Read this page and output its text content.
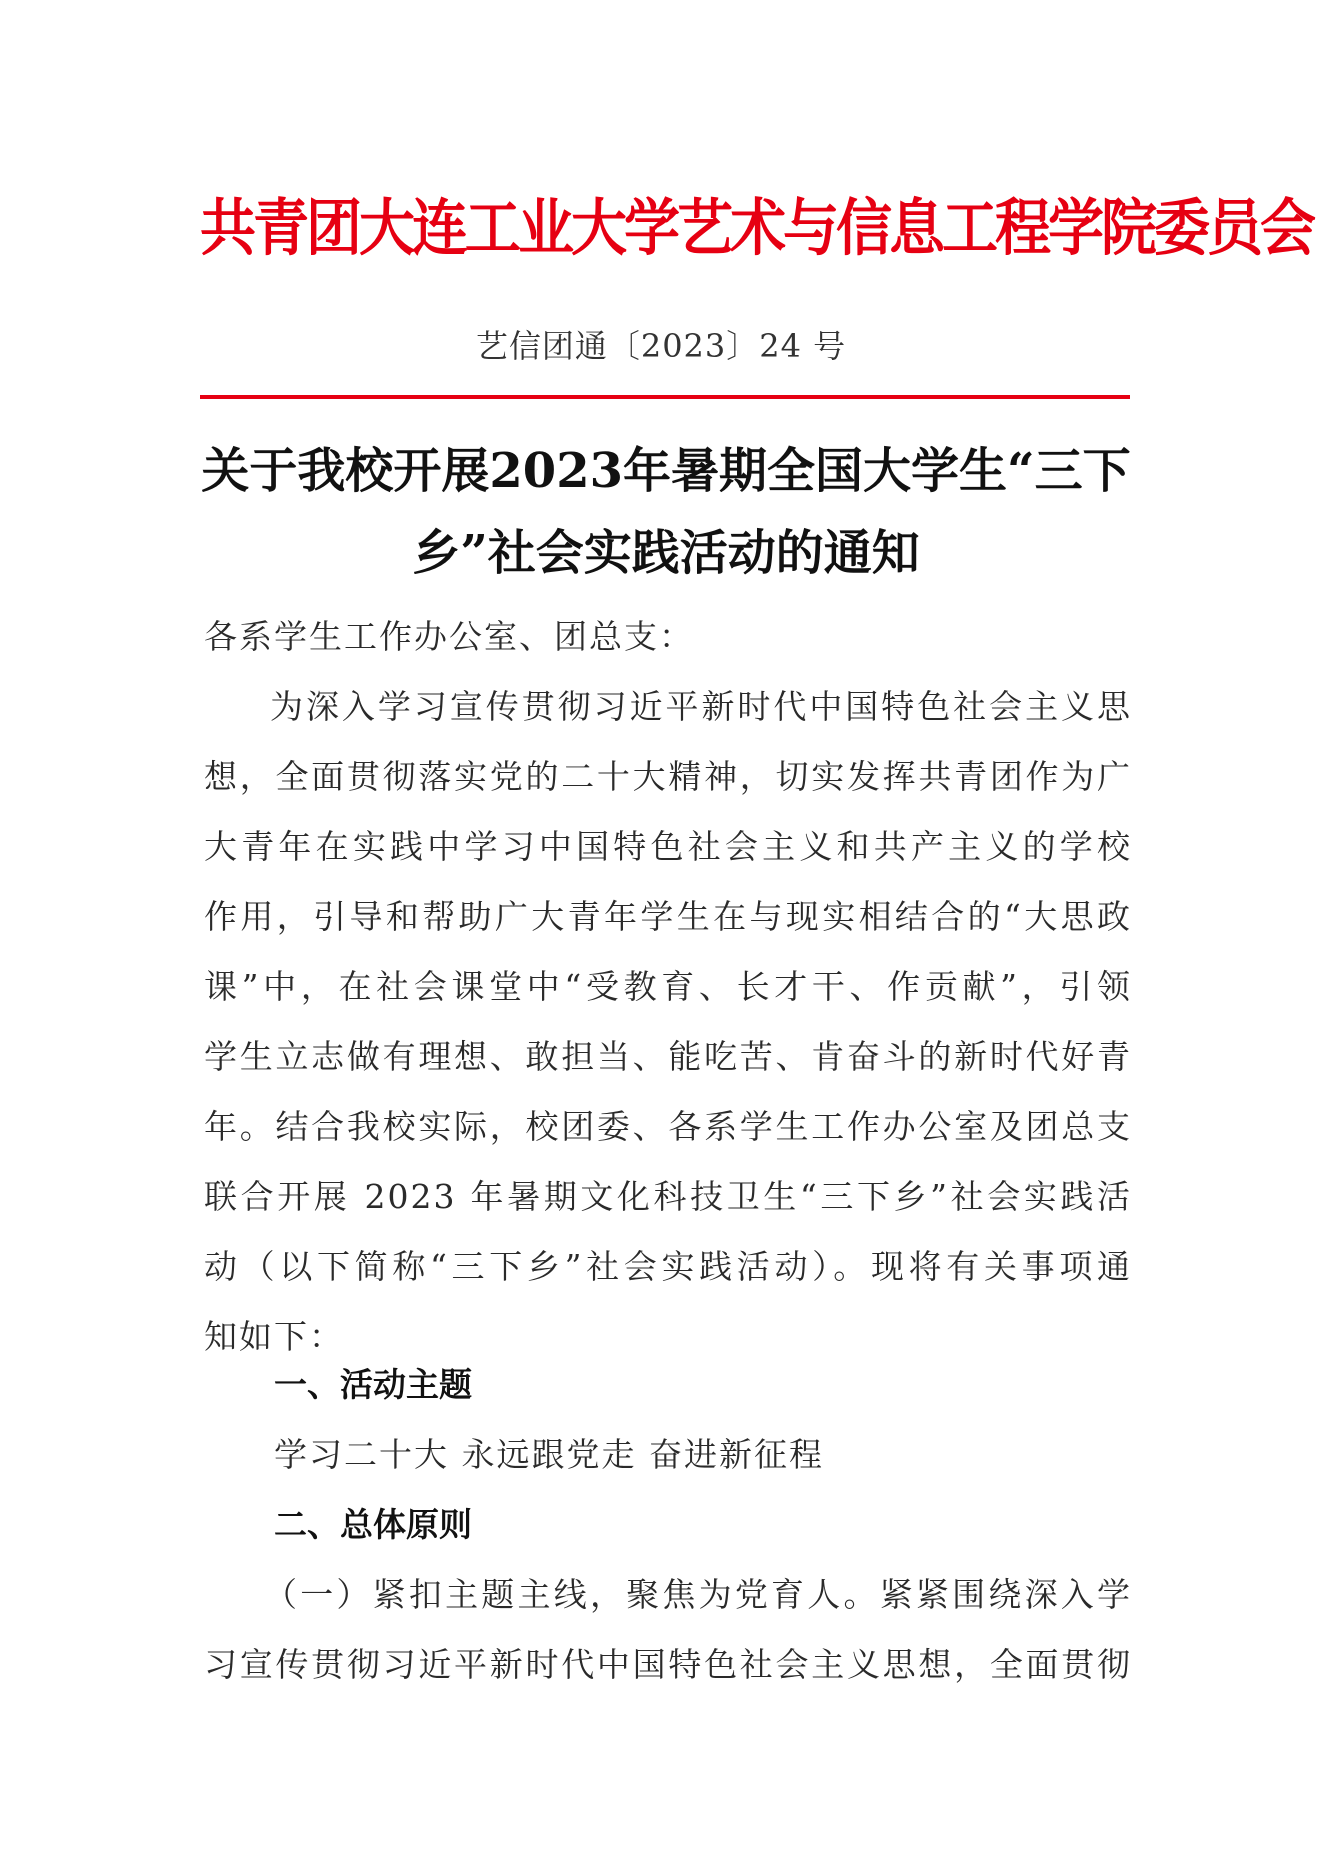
共青团大连工业大学艺术与信息工程学院委员会
艺信团通〔2023〕24 号
关于我校开展2023年暑期全国大学生“三下
乡”社会实践活动的通知
各系学生工作办公室、团总支：
为深入学习宣传贯彻习近平新时代中国特色社会主义思
想，全面贯彻落实党的二十大精神，切实发挥共青团作为广
大青年在实践中学习中国特色社会主义和共产主义的学校
作用，引导和帮助广大青年学生在与现实相结合的“大思政
课”中，在社会课堂中“受教育、长才干、作贡献”，引领
学生立志做有理想、敢担当、能吃苦、肯奋斗的新时代好青
年。结合我校实际，校团委、各系学生工作办公室及团总支
联合开展 2023 年暑期文化科技卫生“三下乡”社会实践活
动（以下简称“三下乡”社会实践活动）。现将有关事项通
知如下：
一、活动主题
学习二十大 永远跟党走 奋进新征程
二、总体原则
（一）紧扣主题主线，聚焦为党育人。紧紧围绕深入学
习宣传贯彻习近平新时代中国特色社会主义思想，全面贯彻
